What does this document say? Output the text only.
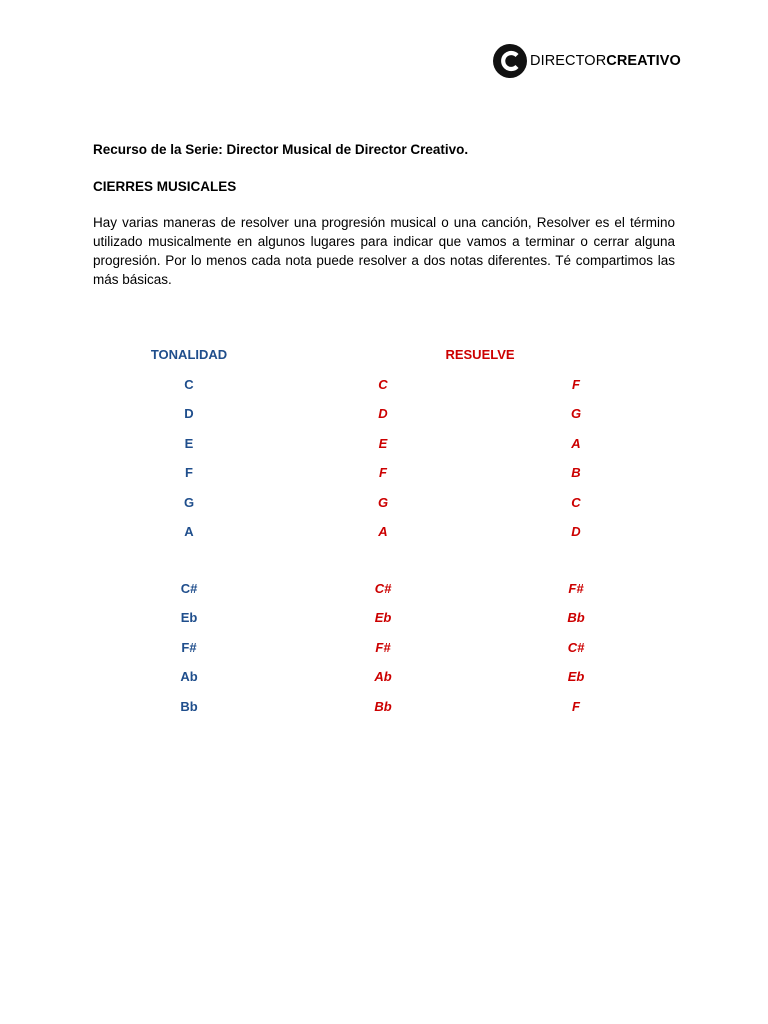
DIRECTORCREATIVO

Recurso de la Serie: Director Musical de Director Creativo.

CIERRES MUSICALES

Hay varias maneras de resolver una progresión musical o una canción, Resolver es el término utilizado musicalmente en algunos lugares para indicar que vamos a terminar o cerrar alguna progresión. Por lo menos cada nota puede resolver a dos notas diferentes. Té compartimos las más básicas.

TONALIDAD	RESUELVE
C	C	F
D	D	G
E	E	A
F	F	B
G	G	C
A	A	D
C#	C#	F#
Eb	Eb	Bb
F#	F#	C#
Ab	Ab	Eb
Bb	Bb	F
